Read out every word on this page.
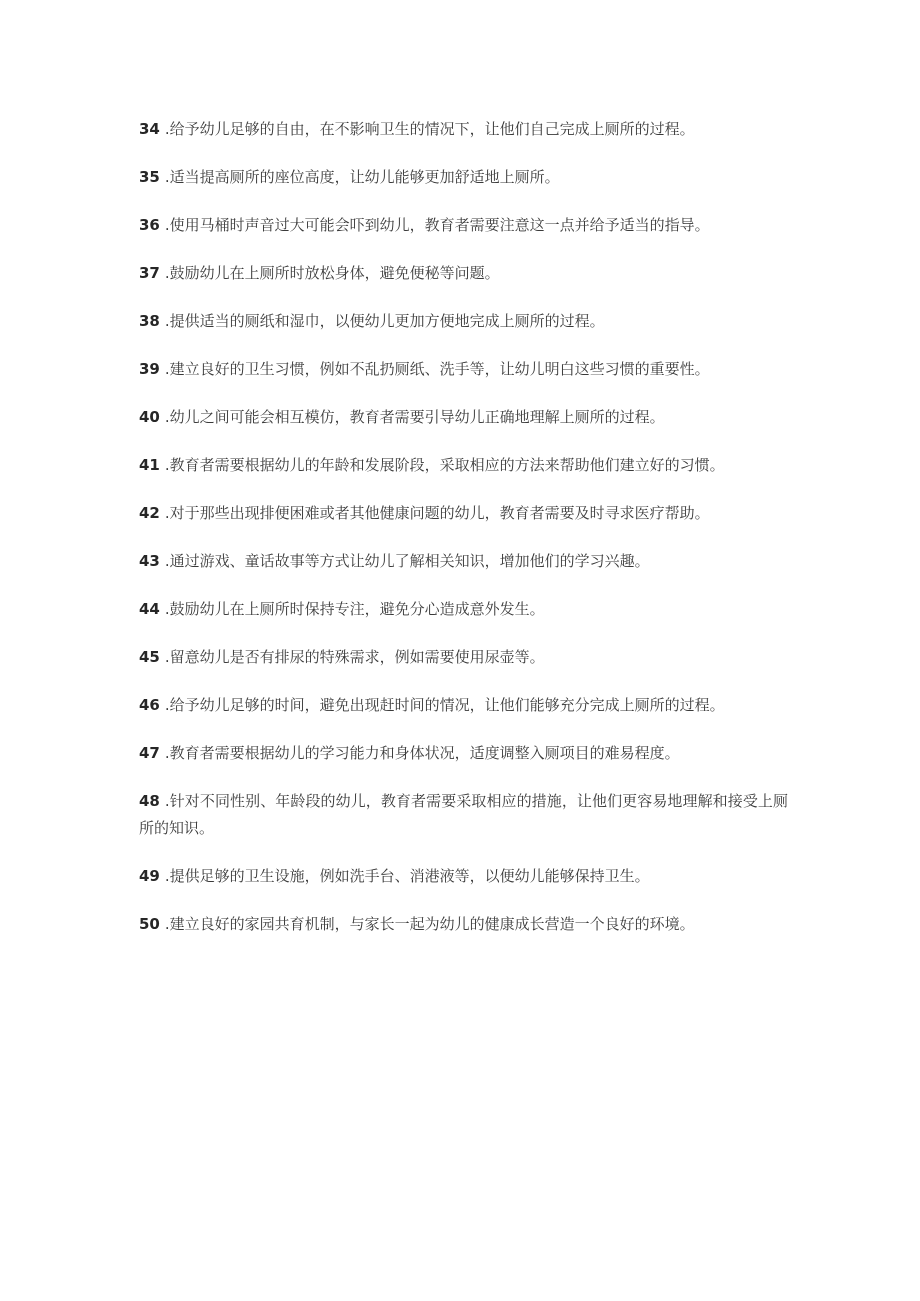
34 .给予幼儿足够的自由，在不影响卫生的情况下，让他们自己完成上厕所的过程。

35 .适当提高厕所的座位高度，让幼儿能够更加舒适地上厕所。

36 .使用马桶时声音过大可能会吓到幼儿，教育者需要注意这一点并给予适当的指导。

37 .鼓励幼儿在上厕所时放松身体，避免便秘等问题。

38 .提供适当的厕纸和湿巾，以便幼儿更加方便地完成上厕所的过程。

39 .建立良好的卫生习惯，例如不乱扔厕纸、洗手等，让幼儿明白这些习惯的重要性。

40 .幼儿之间可能会相互模仿，教育者需要引导幼儿正确地理解上厕所的过程。

41 .教育者需要根据幼儿的年龄和发展阶段，采取相应的方法来帮助他们建立好的习惯。

42 .对于那些出现排便困难或者其他健康问题的幼儿，教育者需要及时寻求医疗帮助。

43 .通过游戏、童话故事等方式让幼儿了解相关知识，增加他们的学习兴趣。

44 .鼓励幼儿在上厕所时保持专注，避免分心造成意外发生。

45 .留意幼儿是否有排尿的特殊需求，例如需要使用尿壶等。

46 .给予幼儿足够的时间，避免出现赶时间的情况，让他们能够充分完成上厕所的过程。

47 .教育者需要根据幼儿的学习能力和身体状况，适度调整入厕项目的难易程度。

48 .针对不同性别、年龄段的幼儿，教育者需要采取相应的措施，让他们更容易地理解和接受上厕所的知识。

49 .提供足够的卫生设施，例如洗手台、消港液等，以便幼儿能够保持卫生。

50 .建立良好的家园共育机制，与家长一起为幼儿的健康成长营造一个良好的环境。
